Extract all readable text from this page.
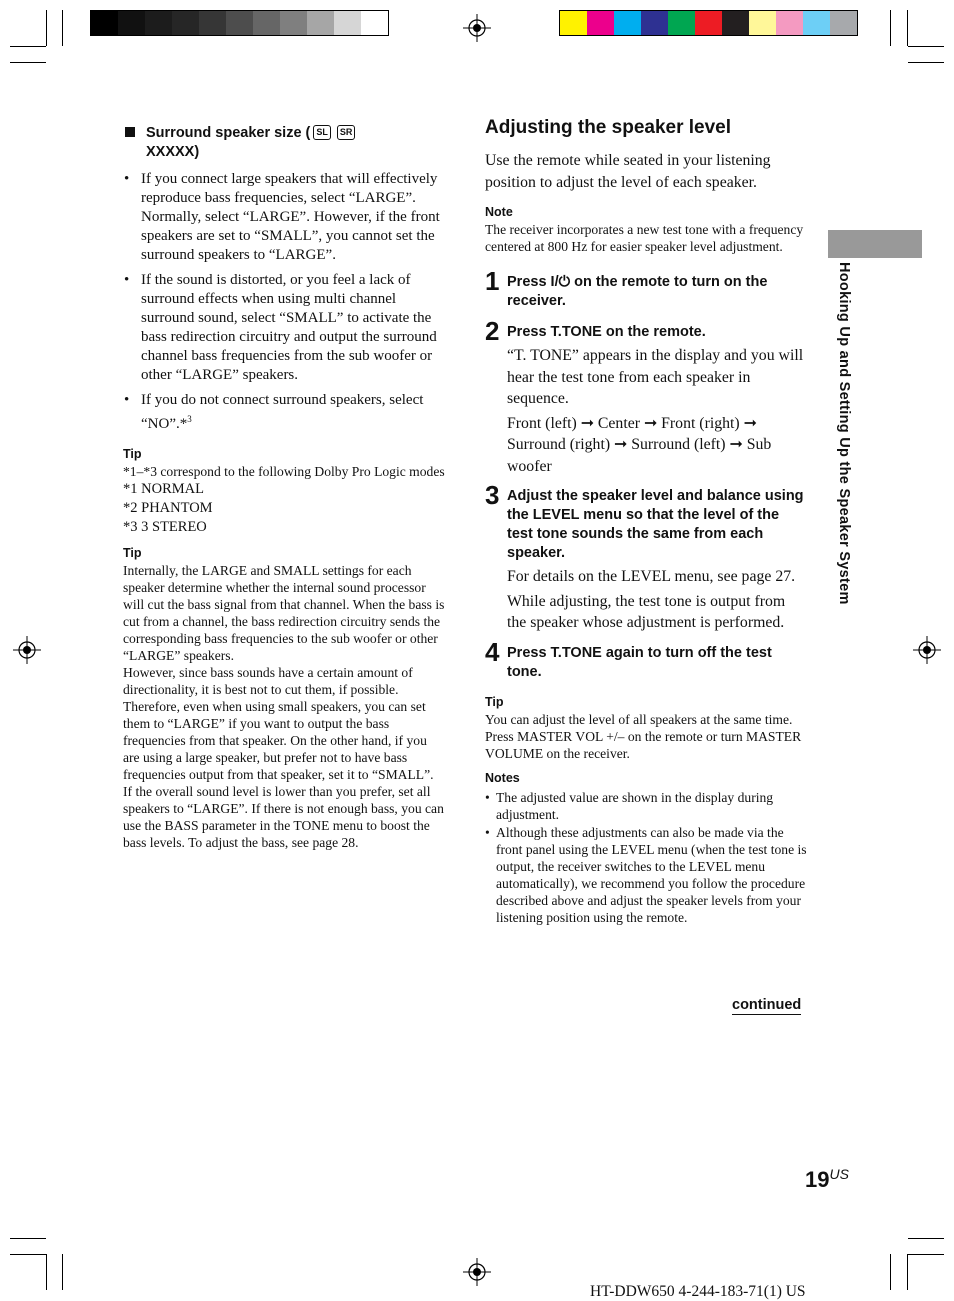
Surround speaker size ( SL SR
XXXXX)
• If you connect large speakers that will effectively reproduce bass frequencies, select “LARGE”. Normally, select “LARGE”. However, if the front speakers are set to “SMALL”, you cannot set the surround speakers to “LARGE”.
• If the sound is distorted, or you feel a lack of surround effects when using multi channel surround sound, select “SMALL” to activate the bass redirection circuitry and output the surround channel bass frequencies from the sub woofer or other “LARGE” speakers.
• If you do not connect surround speakers, select “NO”.*$^3$
Tip
*1–*3 correspond to the following Dolby Pro Logic modes
*1 NORMAL
*2 PHANTOM
*3 3 STEREO
Tip
Internally, the LARGE and SMALL settings for each speaker determine whether the internal sound processor will cut the bass signal from that channel. When the bass is cut from a channel, the bass redirection circuitry sends the corresponding bass frequencies to the sub woofer or other “LARGE” speakers.
However, since bass sounds have a certain amount of directionality, it is best not to cut them, if possible. Therefore, even when using small speakers, you can set them to “LARGE” if you want to output the bass frequencies from that speaker. On the other hand, if you are using a large speaker, but prefer not to have bass frequencies output from that speaker, set it to “SMALL”.
If the overall sound level is lower than you prefer, set all speakers to “LARGE”. If there is not enough bass, you can use the BASS parameter in the TONE menu to boost the bass levels. To adjust the bass, see page 28.
Adjusting the speaker level
Use the remote while seated in your listening position to adjust the level of each speaker.
Note
The receiver incorporates a new test tone with a frequency centered at 800 Hz for easier speaker level adjustment.
1 Press I/⏻ on the remote to turn on the receiver.
2 Press T.TONE on the remote.
“T. TONE” appears in the display and you will hear the test tone from each speaker in sequence.
Front (left) ➞ Center ➞ Front (right) ➞ Surround (right) ➞ Surround (left) ➞ Sub woofer
3 Adjust the speaker level and balance using the LEVEL menu so that the level of the test tone sounds the same from each speaker.
For details on the LEVEL menu, see page 27.
While adjusting, the test tone is output from the speaker whose adjustment is performed.
4 Press T.TONE again to turn off the test tone.
Tip
You can adjust the level of all speakers at the same time. Press MASTER VOL +/– on the remote or turn MASTER VOLUME on the receiver.
Notes
• The adjusted value are shown in the display during adjustment.
• Although these adjustments can also be made via the front panel using the LEVEL menu (when the test tone is output, the receiver switches to the LEVEL menu automatically), we recommend you follow the procedure described above and adjust the speaker levels from your listening position using the remote.
continued
Hooking Up and Setting Up the Speaker System
$19^{US}$
HT-DDW650 4-244-183-71(1) US
